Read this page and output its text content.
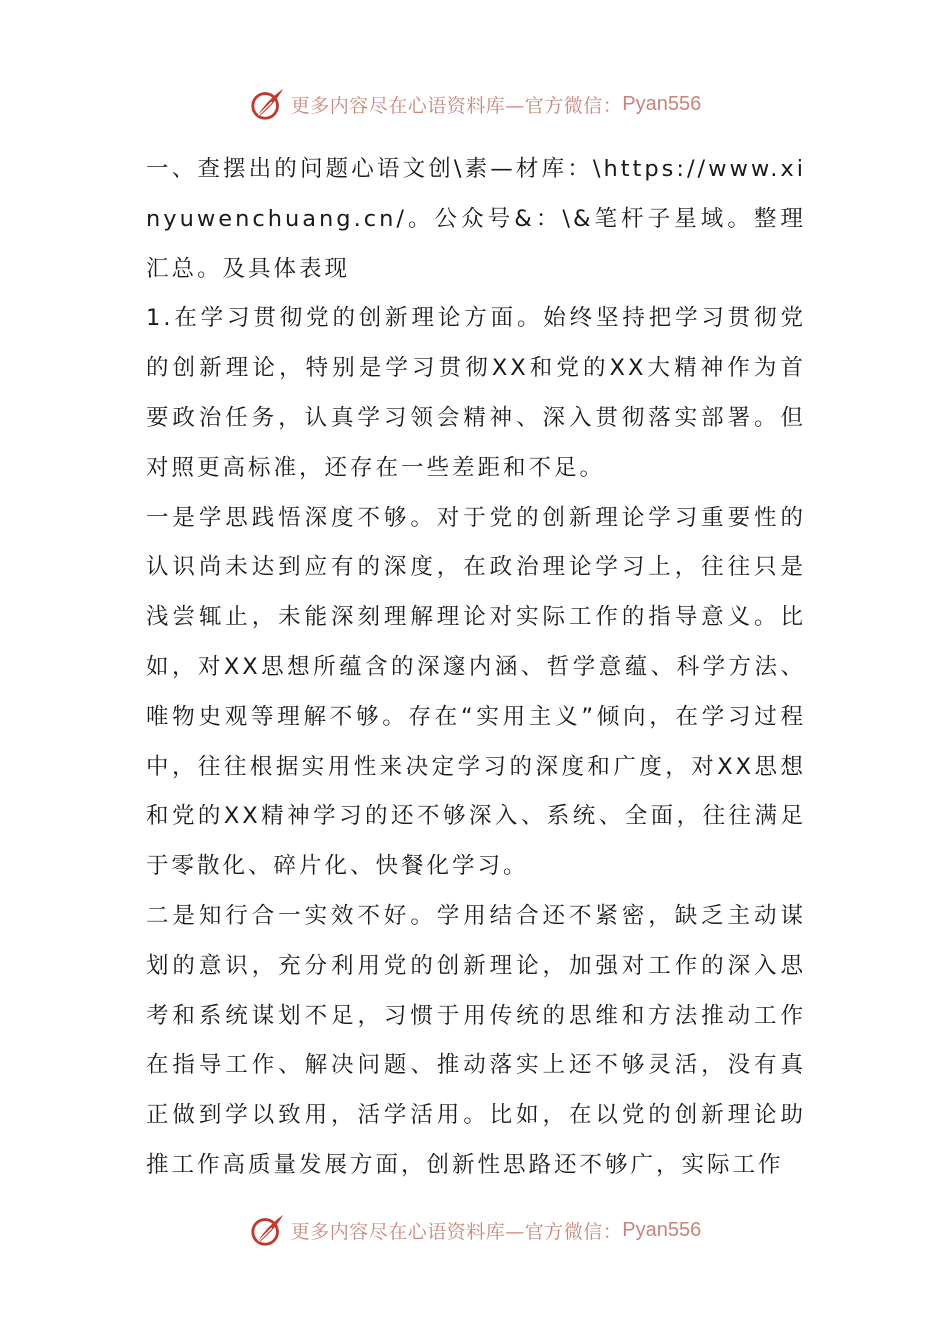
更多内容尽在心语资料库—官方微信： Pyan556

一、查摆出的问题心语文创\素—材库：\https://www.xinyuwenchuang.cn/。公众号&：\&笔杆子星域。整理汇总。及具体表现

1.在学习贯彻党的创新理论方面。始终坚持把学习贯彻党的创新理论，特别是学习贯彻XX和党的XX大精神作为首要政治任务，认真学习领会精神、深入贯彻落实部署。但对照更高标准，还存在一些差距和不足。

一是学思践悟深度不够。对于党的创新理论学习重要性的认识尚未达到应有的深度，在政治理论学习上，往往只是浅尝辄止，未能深刻理解理论对实际工作的指导意义。比如，对XX思想所蕴含的深邃内涵、哲学意蕴、科学方法、唯物史观等理解不够。存在“实用主义”倾向，在学习过程中，往往根据实用性来决定学习的深度和广度，对XX思想和党的XX精神学习的还不够深入、系统、全面，往往满足于零散化、碎片化、快餐化学习。

二是知行合一实效不好。学用结合还不紧密，缺乏主动谋划的意识，充分利用党的创新理论，加强对工作的深入思考和系统谋划不足，习惯于用传统的思维和方法推动工作在指导工作、解决问题、推动落实上还不够灵活，没有真正做到学以致用，活学活用。比如，在以党的创新理论助推工作高质量发展方面，创新性思路还不够广，实际工作

更多内容尽在心语资料库—官方微信： Pyan556
